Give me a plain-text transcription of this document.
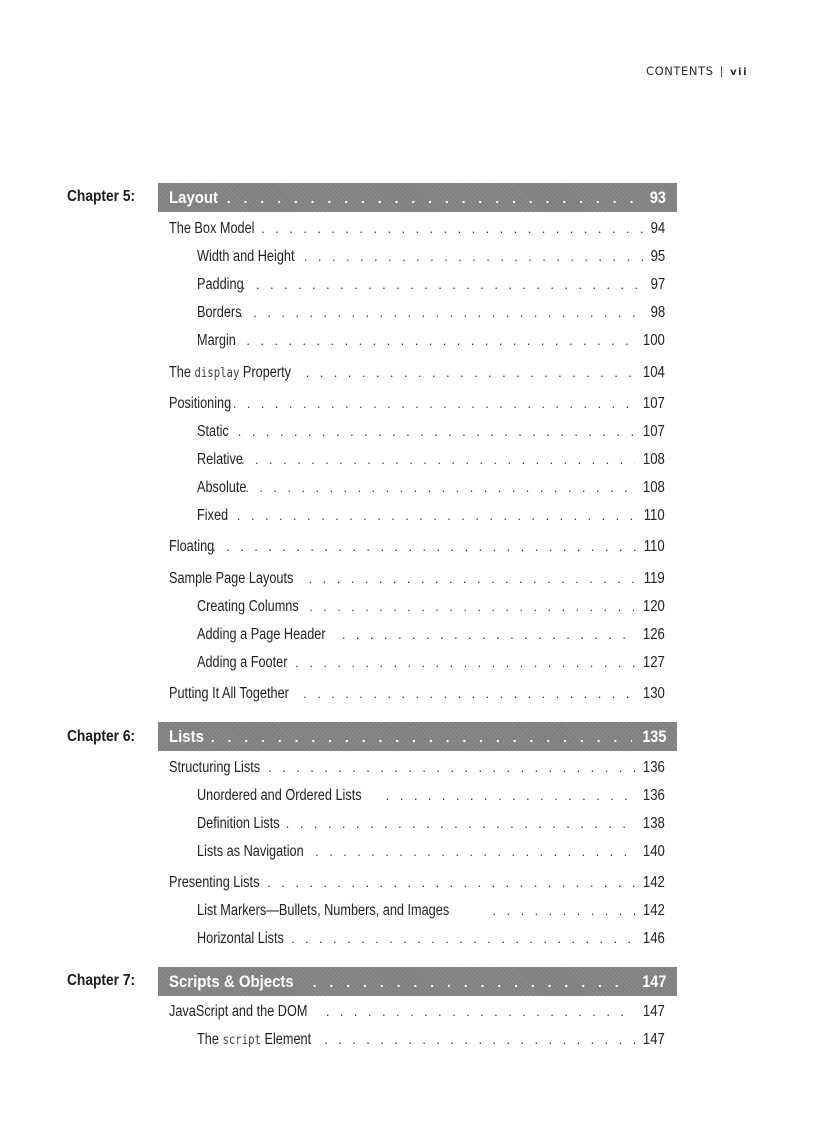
CONTENTS | vii
Chapter 5:	Layout . . .	93
The Box Model . . .	94
Width and Height . . .	95
Padding . . .	97
Borders . . .	98
Margin . . .	100
The display Property . . .	104
Positioning . . .	107
Static . . .	107
Relative . . .	108
Absolute . . .	108
Fixed . . .	110
Floating . . .	110
Sample Page Layouts . . .	119
Creating Columns . . .	120
Adding a Page Header . . .	126
Adding a Footer . . .	127
Putting It All Together . . .	130
Chapter 6:	Lists . . .	135
Structuring Lists . . .	136
Unordered and Ordered Lists . . .	136
Definition Lists . . .	138
Lists as Navigation . . .	140
Presenting Lists . . .	142
List Markers—Bullets, Numbers, and Images . . .	142
Horizontal Lists . . .	146
Chapter 7:	Scripts & Objects . . .	147
JavaScript and the DOM . . .	147
The script Element . . .	147
